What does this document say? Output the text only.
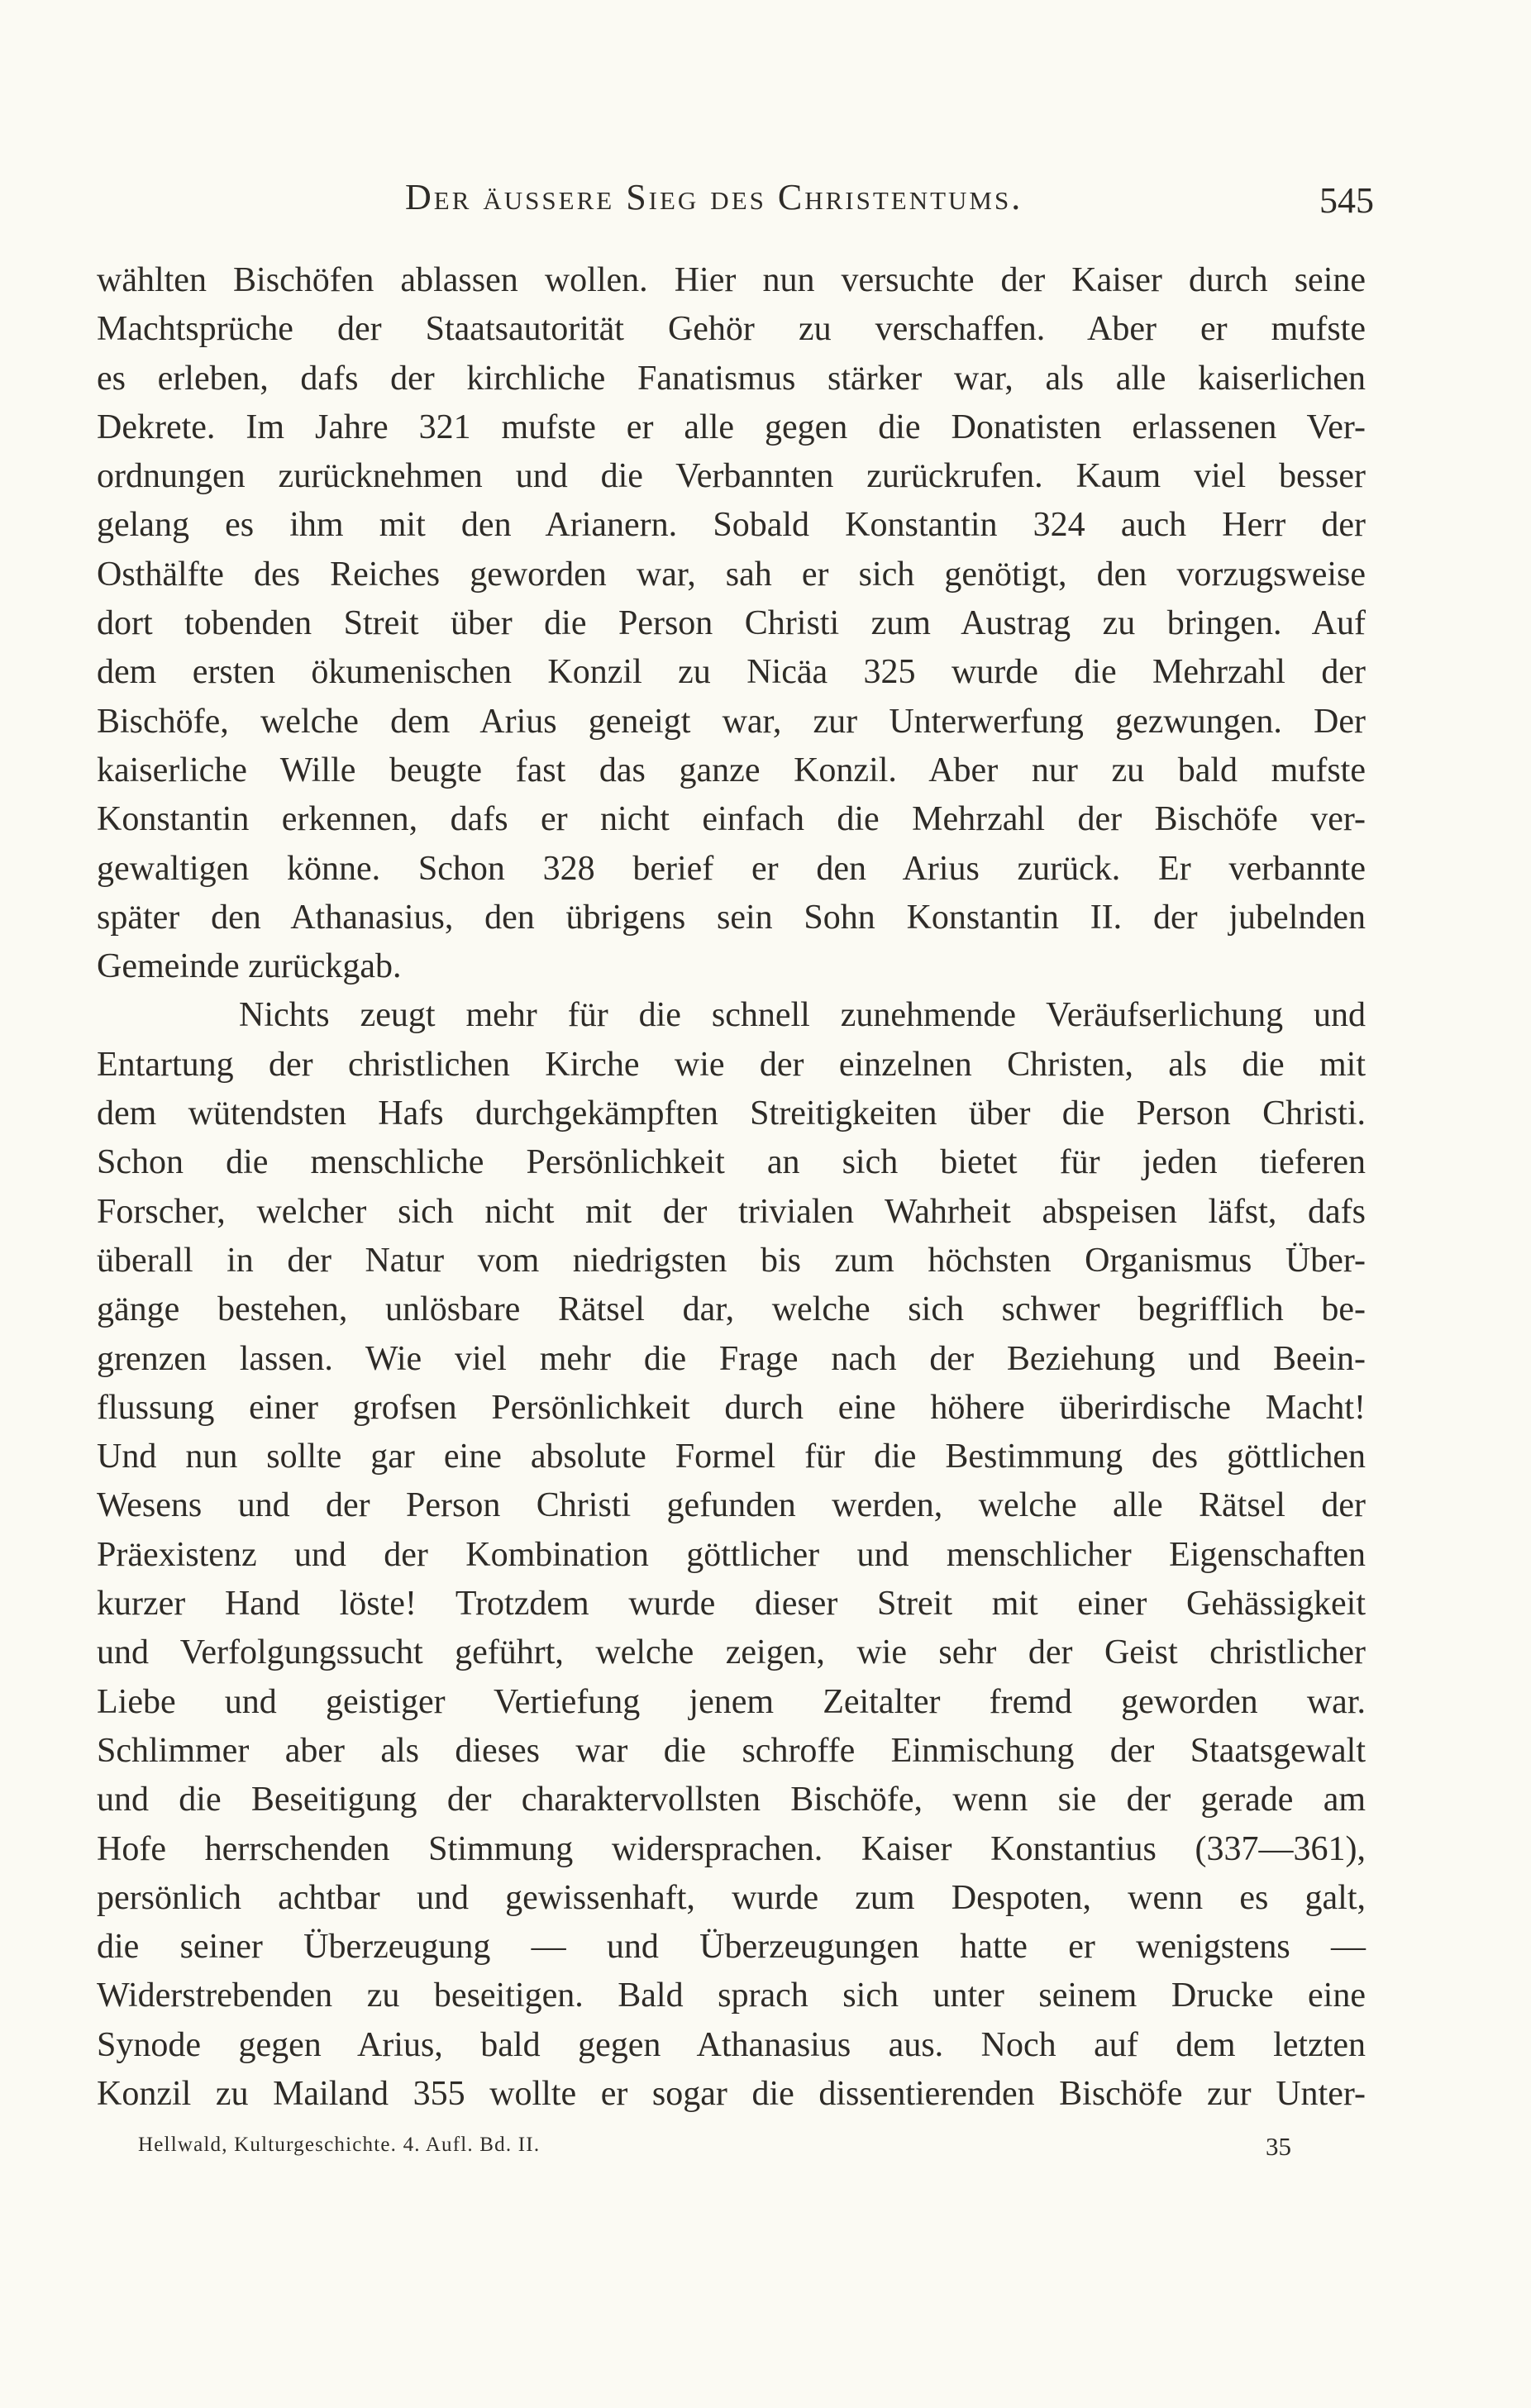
Der äussere Sieg des Christentums.	545
wählten Bischöfen ablassen wollen. Hier nun versuchte der Kaiser durch seine
Machtsprüche der Staatsautorität Gehör zu verschaffen. Aber er mufste
es erleben, dafs der kirchliche Fanatismus stärker war, als alle kaiserlichen
Dekrete. Im Jahre 321 mufste er alle gegen die Donatisten erlassenen Ver-
ordnungen zurücknehmen und die Verbannten zurückrufen. Kaum viel besser
gelang es ihm mit den Arianern. Sobald Konstantin 324 auch Herr der
Osthälfte des Reiches geworden war, sah er sich genötigt, den vorzugsweise
dort tobenden Streit über die Person Christi zum Austrag zu bringen. Auf
dem ersten ökumenischen Konzil zu Nicäa 325 wurde die Mehrzahl der
Bischöfe, welche dem Arius geneigt war, zur Unterwerfung gezwungen. Der
kaiserliche Wille beugte fast das ganze Konzil. Aber nur zu bald mufste
Konstantin erkennen, dafs er nicht einfach die Mehrzahl der Bischöfe ver-
gewaltigen könne. Schon 328 berief er den Arius zurück. Er verbannte
später den Athanasius, den übrigens sein Sohn Konstantin II. der jubelnden
Gemeinde zurückgab.
Nichts zeugt mehr für die schnell zunehmende Veräufserlichung und
Entartung der christlichen Kirche wie der einzelnen Christen, als die mit
dem wütendsten Hafs durchgekämpften Streitigkeiten über die Person Christi.
Schon die menschliche Persönlichkeit an sich bietet für jeden tieferen
Forscher, welcher sich nicht mit der trivialen Wahrheit abspeisen läfst, dafs
überall in der Natur vom niedrigsten bis zum höchsten Organismus Über-
gänge bestehen, unlösbare Rätsel dar, welche sich schwer begrifflich be-
grenzen lassen. Wie viel mehr die Frage nach der Beziehung und Beein-
flussung einer grofsen Persönlichkeit durch eine höhere überirdische Macht!
Und nun sollte gar eine absolute Formel für die Bestimmung des göttlichen
Wesens und der Person Christi gefunden werden, welche alle Rätsel der
Präexistenz und der Kombination göttlicher und menschlicher Eigenschaften
kurzer Hand löste! Trotzdem wurde dieser Streit mit einer Gehässigkeit
und Verfolgungssucht geführt, welche zeigen, wie sehr der Geist christlicher
Liebe und geistiger Vertiefung jenem Zeitalter fremd geworden war.
Schlimmer aber als dieses war die schroffe Einmischung der Staatsgewalt
und die Beseitigung der charaktervollsten Bischöfe, wenn sie der gerade am
Hofe herrschenden Stimmung widersprachen. Kaiser Konstantius (337—361),
persönlich achtbar und gewissenhaft, wurde zum Despoten, wenn es galt,
die seiner Überzeugung — und Überzeugungen hatte er wenigstens —
Widerstrebenden zu beseitigen. Bald sprach sich unter seinem Drucke eine
Synode gegen Arius, bald gegen Athanasius aus. Noch auf dem letzten
Konzil zu Mailand 355 wollte er sogar die dissentierenden Bischöfe zur Unter-
Hellwald, Kulturgeschichte. 4. Aufl. Bd. II.	35
